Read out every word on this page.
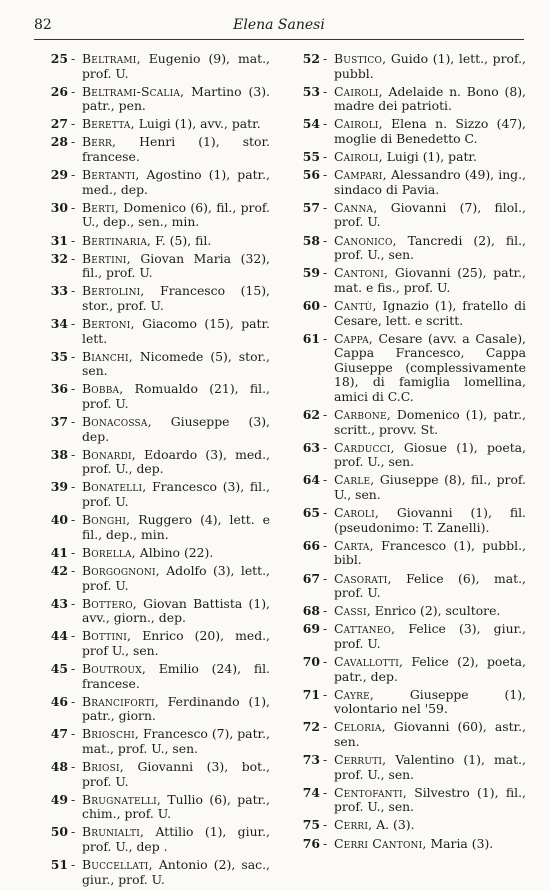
82	Elena Sanesi
25 - Beltrami, Eugenio (9), mat., prof. U.
26 - Beltrami-Scalia, Martino (3). patr., pen.
27 - Beretta, Luigi (1), avv., patr.
28 - Berr, Henri (1), stor. francese.
29 - Bertanti, Agostino (1), patr., med., dep.
30 - Berti, Domenico (6), fil., prof. U., dep., sen., min.
31 - Bertinaria, F. (5), fil.
32 - Bertini, Giovan Maria (32), fil., prof. U.
33 - Bertolini, Francesco (15), stor., prof. U.
34 - Bertoni, Giacomo (15), patr. lett.
35 - Bianchi, Nicomede (5), stor., sen.
36 - Bobba, Romualdo (21), fil., prof. U.
37 - Bonacossa, Giuseppe (3), dep.
38 - Bonardi, Edoardo (3), med., prof. U., dep.
39 - Bonatelli, Francesco (3), fil., prof. U.
40 - Bonghi, Ruggero (4), lett. e fil., dep., min.
41 - Borella, Albino (22).
42 - Borgognoni, Adolfo (3), lett., prof. U.
43 - Bottero, Giovan Battista (1), avv., giorn., dep.
44 - Bottini, Enrico (20), med., prof U., sen.
45 - Boutroux, Emilio (24), fil. francese.
46 - Branciforti, Ferdinando (1), patr., giorn.
47 - Brioschi, Francesco (7), patr., mat., prof. U., sen.
48 - Briosi, Giovanni (3), bot., prof. U.
49 - Brugnatelli, Tullio (6), patr., chim., prof. U.
50 - Brunialti, Attilio (1), giur., prof. U., dep .
51 - Buccellati, Antonio (2), sac., giur., prof. U.
52 - Bustico, Guido (1), lett., prof., pubbl.
53 - Cairoli, Adelaide n. Bono (8), madre dei patrioti.
54 - Cairoli, Elena n. Sizzo (47), moglie di Benedetto C.
55 - Cairoli, Luigi (1), patr.
56 - Campari, Alessandro (49), ing., sindaco di Pavia.
57 - Canna, Giovanni (7), filol., prof. U.
58 - Canonico, Tancredi (2), fil., prof. U., sen.
59 - Cantoni, Giovanni (25), patr., mat. e fis., prof. U.
60 - Cantù, Ignazio (1), fratello di Cesare, lett. e scritt.
61 - Cappa, Cesare (avv. a Casale), Cappa Francesco, Cappa Giuseppe (complessivamente 18), di famiglia lomellina, amici di C.C.
62 - Carbone, Domenico (1), patr., scritt., provv. St.
63 - Carducci, Giosue (1), poeta, prof. U., sen.
64 - Carle, Giuseppe (8), fil., prof. U., sen.
65 - Caroli, Giovanni (1), fil. (pseudonimo: T. Zanelli).
66 - Carta, Francesco (1), pubbl., bibl.
67 - Casorati, Felice (6), mat., prof. U.
68 - Cassi, Enrico (2), scultore.
69 - Cattaneo, Felice (3), giur., prof. U.
70 - Cavallotti, Felice (2), poeta, patr., dep.
71 - Cayre, Giuseppe (1), volontario nel '59.
72 - Celoria, Giovanni (60), astr., sen.
73 - Cerruti, Valentino (1), mat., prof. U., sen.
74 - Centofanti, Silvestro (1), fil., prof. U., sen.
75 - Cerri, A. (3).
76 - Cerri Cantoni, Maria (3).
